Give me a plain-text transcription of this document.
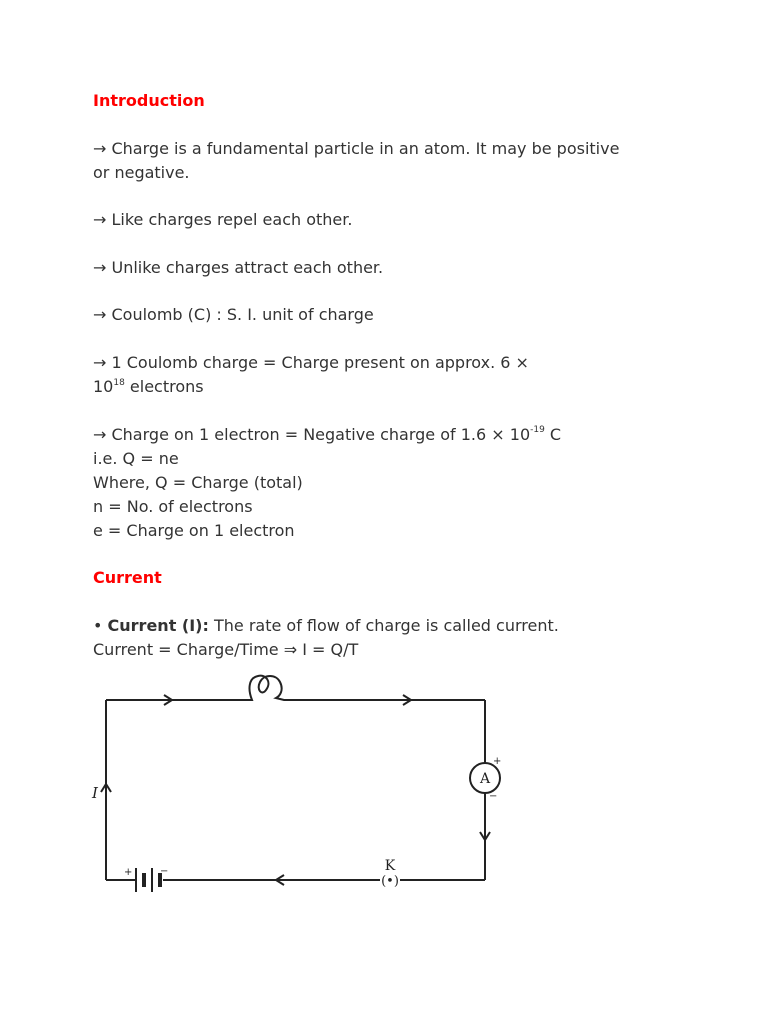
Introduction

→ Charge is a fundamental particle in an atom. It may be positive

or negative.

→ Like charges repel each other.

→ Unlike charges attract each other.

→ Coulomb (C) : S. I. unit of charge

→ 1 Coulomb charge = Charge present on approx. 6 ×

$10^{18}$ electrons

→ Charge on 1 electron = Negative charge of $1.6 \times 10^{-19}$ C

i.e. Q = ne

Where, Q = Charge (total)

n = No. of electrons

e = Charge on 1 electron

Current

• Current (I): The rate of flow of charge is called current.

Current = Charge/Time ⇒ I = Q/T

A
+
−
+	−	K
(•)
I
